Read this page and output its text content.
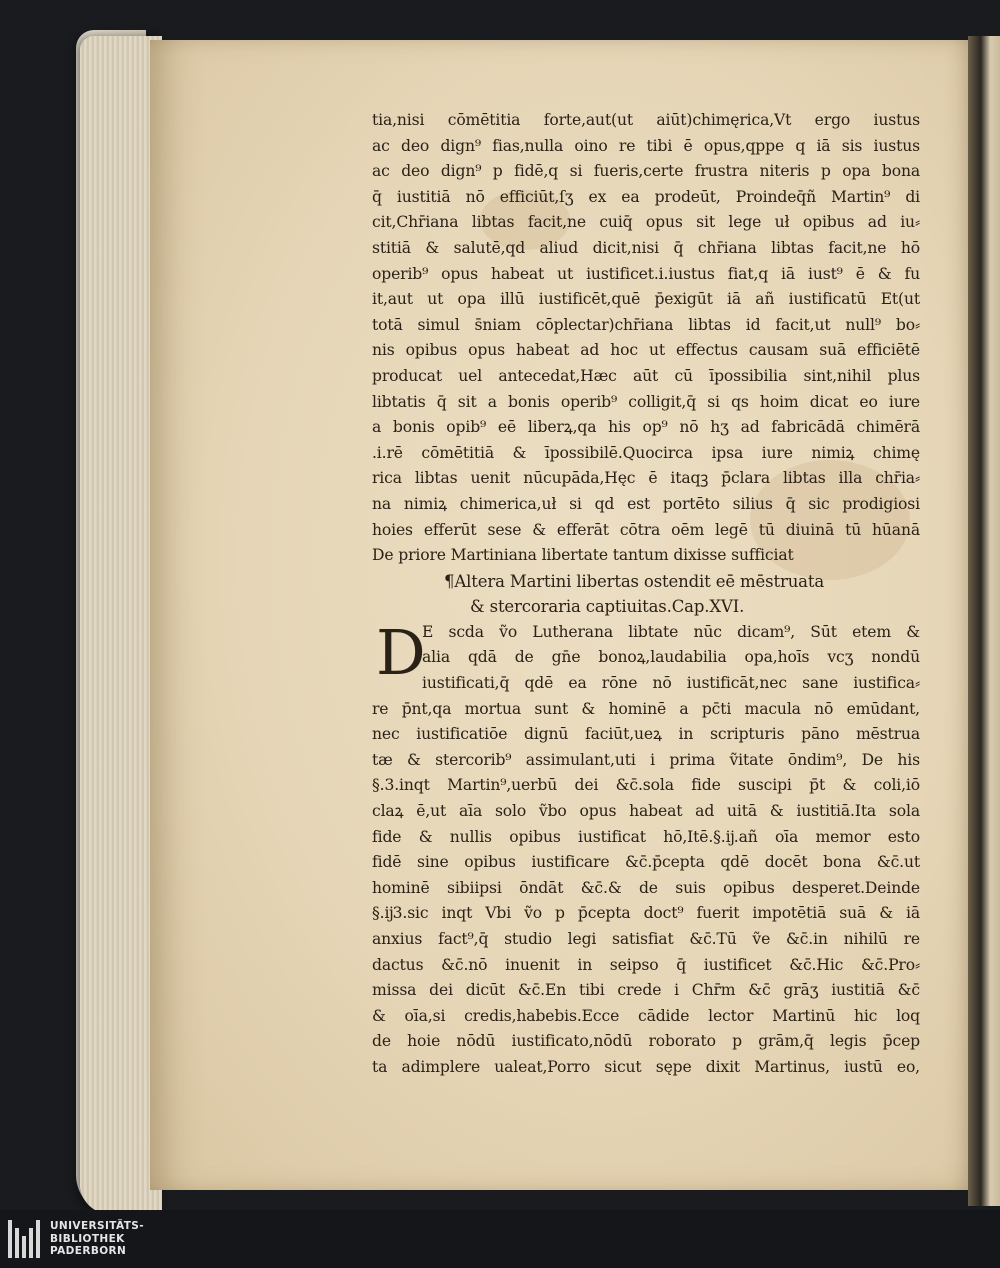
tia,nisi cōmētitia forte,aut(ut aiūt)chimęrica,Vt ergo iustus
ac deo dign⁹ fias,nulla oino re tibi ē opus,qppe q iā sis iustus
ac deo dign⁹ p fidē,q si fueris,certe frustra niteris p opa bona
q̄ iustitiā nō efficiūt,ſʒ ex ea prodeūt, Proindeq̄ñ Martin⁹ di
cit,Chr̄iana libtas facit,ne cuiq̄ opus sit lege uł opibus ad iu⸗
stitiā & salutē,qd aliud dicit,nisi q̄ chr̄iana libtas facit,ne hō
operib⁹ opus habeat ut iustificet.i.iustus fiat,q iā iust⁹ ē & fu
it,aut ut opa illū iustificēt,quē p̄exigūt iā añ iustificatū Et(ut
totā simul s̄niam cōplectar)chr̄iana libtas id facit,ut null⁹ bo⸗
nis opibus opus habeat ad hoc ut effectus causam suā efficiētē
producat uel antecedat,Hæc aūt cū īpossibilia sint,nihil plus
libtatis q̄ sit a bonis operib⁹ colligit,q̄ si qs hoim dicat eo iure
a bonis opib⁹ eē liberꝝ,qa his op⁹ nō hʒ ad fabricādā chimērā
.i.rē cōmētitiā & īpossibilē.Quocirca ipsa iure nimiꝝ chimę
rica libtas uenit nūcupāda,Hęc ē itaqꝫ p̄clara libtas illa chr̄ia⸗
na nimiꝝ chimerica,uł si qd est portēto silius q̄ sic prodigiosi
hoies efferūt sese & efferāt cōtra oēm legē tū diuinā tū hūanā
De priore Martiniana libertate tantum dixisse sufficiat
¶Altera Martini libertas ostendit eē mēstruata
& stercoraria captiuitas.Cap.XVI.
D
E scda ṽo Lutherana libtate nūc dicam⁹, Sūt etem &
alia qdā de gn̄e bonoꝝ,laudabilia opa,hoīs vcʒ nondū
iustificati,q̄ qdē ea rōne nō iustificāt,nec sane iustifica⸗
re p̄nt,qa mortua sunt & hominē a pc̄ti macula nō emūdant,
nec iustificatiōe dignū faciūt,ueꝝ in scripturis pāno mēstrua
tæ & stercorib⁹ assimulant,uti i prima ṽitate ōndim⁹, De his
§.3.inqt Martin⁹,uerbū dei &c̄.sola fide suscipi p̄t & coli,iō
claꝝ ē,ut aīa solo ṽbo opus habeat ad uitā & iustitiā.Ita sola
fide & nullis opibus iustificat hō,Itē.§.ĳ.añ oīa memor esto
fidē sine opibus iustificare &c̄.p̄cepta qdē docēt bona &c̄.ut
hominē sibiipsi ōndāt &c̄.& de suis opibus desperet.Deinde
§.ĳ3.sic inqt Vbi ṽo p p̄cepta doct⁹ fuerit impotētiā suā & iā
anxius fact⁹,q̄ studio legi satisfiat &c̄.Tū ṽe &c̄.in nihilū re
dactus &c̄.nō inuenit in seipso q̄ iustificet &c̄.Hic &c̄.Pro⸗
missa dei dicūt &c̄.En tibi crede i Chr̄m &c̄ grāʒ iustitiā &c̄
& oīa,si credis,habebis.Ecce cādide lector Martinū hic loq
de hoie nōdū iustificato,nōdū roborato p grām,q̄ legis p̄cep
ta adimplere ualeat,Porro sicut sępe dixit Martinus, iustū eo,
UNIVERSITÄTS-
BIBLIOTHEK
PADERBORN
